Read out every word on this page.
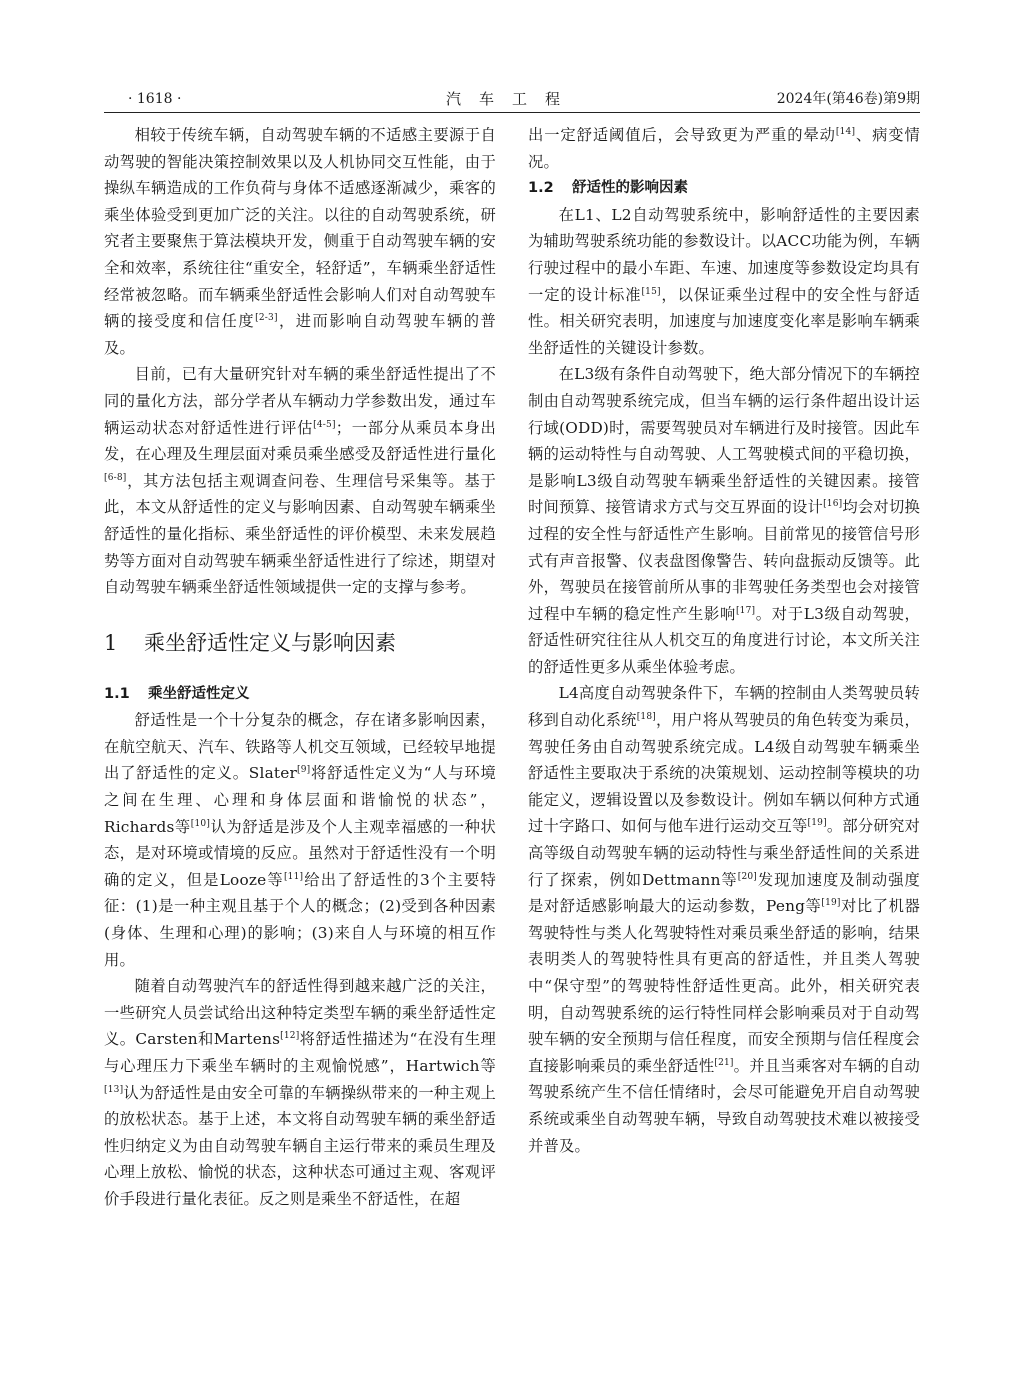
· 1618 ·	汽车工程	2024年(第46卷)第9期

相较于传统车辆，自动驾驶车辆的不适感主要源于自动驾驶的智能决策控制效果以及人机协同交互性能，由于操纵车辆造成的工作负荷与身体不适感逐渐减少，乘客的乘坐体验受到更加广泛的关注。以往的自动驾驶系统，研究者主要聚焦于算法模块开发，侧重于自动驾驶车辆的安全和效率，系统往往“重安全，轻舒适”，车辆乘坐舒适性经常被忽略。而车辆乘坐舒适性会影响人们对自动驾驶车辆的接受度和信任度[2-3]，进而影响自动驾驶车辆的普及。

目前，已有大量研究针对车辆的乘坐舒适性提出了不同的量化方法，部分学者从车辆动力学参数出发，通过车辆运动状态对舒适性进行评估[4-5]；一部分从乘员本身出发，在心理及生理层面对乘员乘坐感受及舒适性进行量化[6-8]，其方法包括主观调查问卷、生理信号采集等。基于此，本文从舒适性的定义与影响因素、自动驾驶车辆乘坐舒适性的量化指标、乘坐舒适性的评价模型、未来发展趋势等方面对自动驾驶车辆乘坐舒适性进行了综述，期望对自动驾驶车辆乘坐舒适性领域提供一定的支撑与参考。

1 乘坐舒适性定义与影响因素
1.1 乘坐舒适性定义

舒适性是一个十分复杂的概念，存在诸多影响因素，在航空航天、汽车、铁路等人机交互领域，已经较早地提出了舒适性的定义。Slater[9]将舒适性定义为“人与环境之间在生理、心理和身体层面和谐愉悦的状态”，Richards等[10]认为舒适是涉及个人主观幸福感的一种状态，是对环境或情境的反应。虽然对于舒适性没有一个明确的定义，但是Looze等[11]给出了舒适性的3个主要特征：(1)是一种主观且基于个人的概念；(2)受到各种因素(身体、生理和心理)的影响；(3)来自人与环境的相互作用。

随着自动驾驶汽车的舒适性得到越来越广泛的关注，一些研究人员尝试给出这种特定类型车辆的乘坐舒适性定义。Carsten和Martens[12]将舒适性描述为“在没有生理与心理压力下乘坐车辆时的主观愉悦感”，Hartwich等[13]认为舒适性是由安全可靠的车辆操纵带来的一种主观上的放松状态。基于上述，本文将自动驾驶车辆的乘坐舒适性归纳定义为由自动驾驶车辆自主运行带来的乘员生理及心理上放松、愉悦的状态，这种状态可通过主观、客观评价手段进行量化表征。反之则是乘坐不舒适性，在超

出一定舒适阈值后，会导致更为严重的晕动[14]、病变情况。

1.2 舒适性的影响因素

在L1、L2自动驾驶系统中，影响舒适性的主要因素为辅助驾驶系统功能的参数设计。以ACC功能为例，车辆行驶过程中的最小车距、车速、加速度等参数设定均具有一定的设计标准[15]，以保证乘坐过程中的安全性与舒适性。相关研究表明，加速度与加速度变化率是影响车辆乘坐舒适性的关键设计参数。

在L3级有条件自动驾驶下，绝大部分情况下的车辆控制由自动驾驶系统完成，但当车辆的运行条件超出设计运行域(ODD)时，需要驾驶员对车辆进行及时接管。因此车辆的运动特性与自动驾驶、人工驾驶模式间的平稳切换，是影响L3级自动驾驶车辆乘坐舒适性的关键因素。接管时间预算、接管请求方式与交互界面的设计[16]均会对切换过程的安全性与舒适性产生影响。目前常见的接管信号形式有声音报警、仪表盘图像警告、转向盘振动反馈等。此外，驾驶员在接管前所从事的非驾驶任务类型也会对接管过程中车辆的稳定性产生影响[17]。对于L3级自动驾驶，舒适性研究往往从人机交互的角度进行讨论，本文所关注的舒适性更多从乘坐体验考虑。

L4高度自动驾驶条件下，车辆的控制由人类驾驶员转移到自动化系统[18]，用户将从驾驶员的角色转变为乘员，驾驶任务由自动驾驶系统完成。L4级自动驾驶车辆乘坐舒适性主要取决于系统的决策规划、运动控制等模块的功能定义，逻辑设置以及参数设计。例如车辆以何种方式通过十字路口、如何与他车进行运动交互等[19]。部分研究对高等级自动驾驶车辆的运动特性与乘坐舒适性间的关系进行了探索，例如Dettmann等[20]发现加速度及制动强度是对舒适感影响最大的运动参数，Peng等[19]对比了机器驾驶特性与类人化驾驶特性对乘员乘坐舒适的影响，结果表明类人的驾驶特性具有更高的舒适性，并且类人驾驶中“保守型”的驾驶特性舒适性更高。此外，相关研究表明，自动驾驶系统的运行特性同样会影响乘员对于自动驾驶车辆的安全预期与信任程度，而安全预期与信任程度会直接影响乘员的乘坐舒适性[21]。并且当乘客对车辆的自动驾驶系统产生不信任情绪时，会尽可能避免开启自动驾驶系统或乘坐自动驾驶车辆，导致自动驾驶技术难以被接受并普及。
